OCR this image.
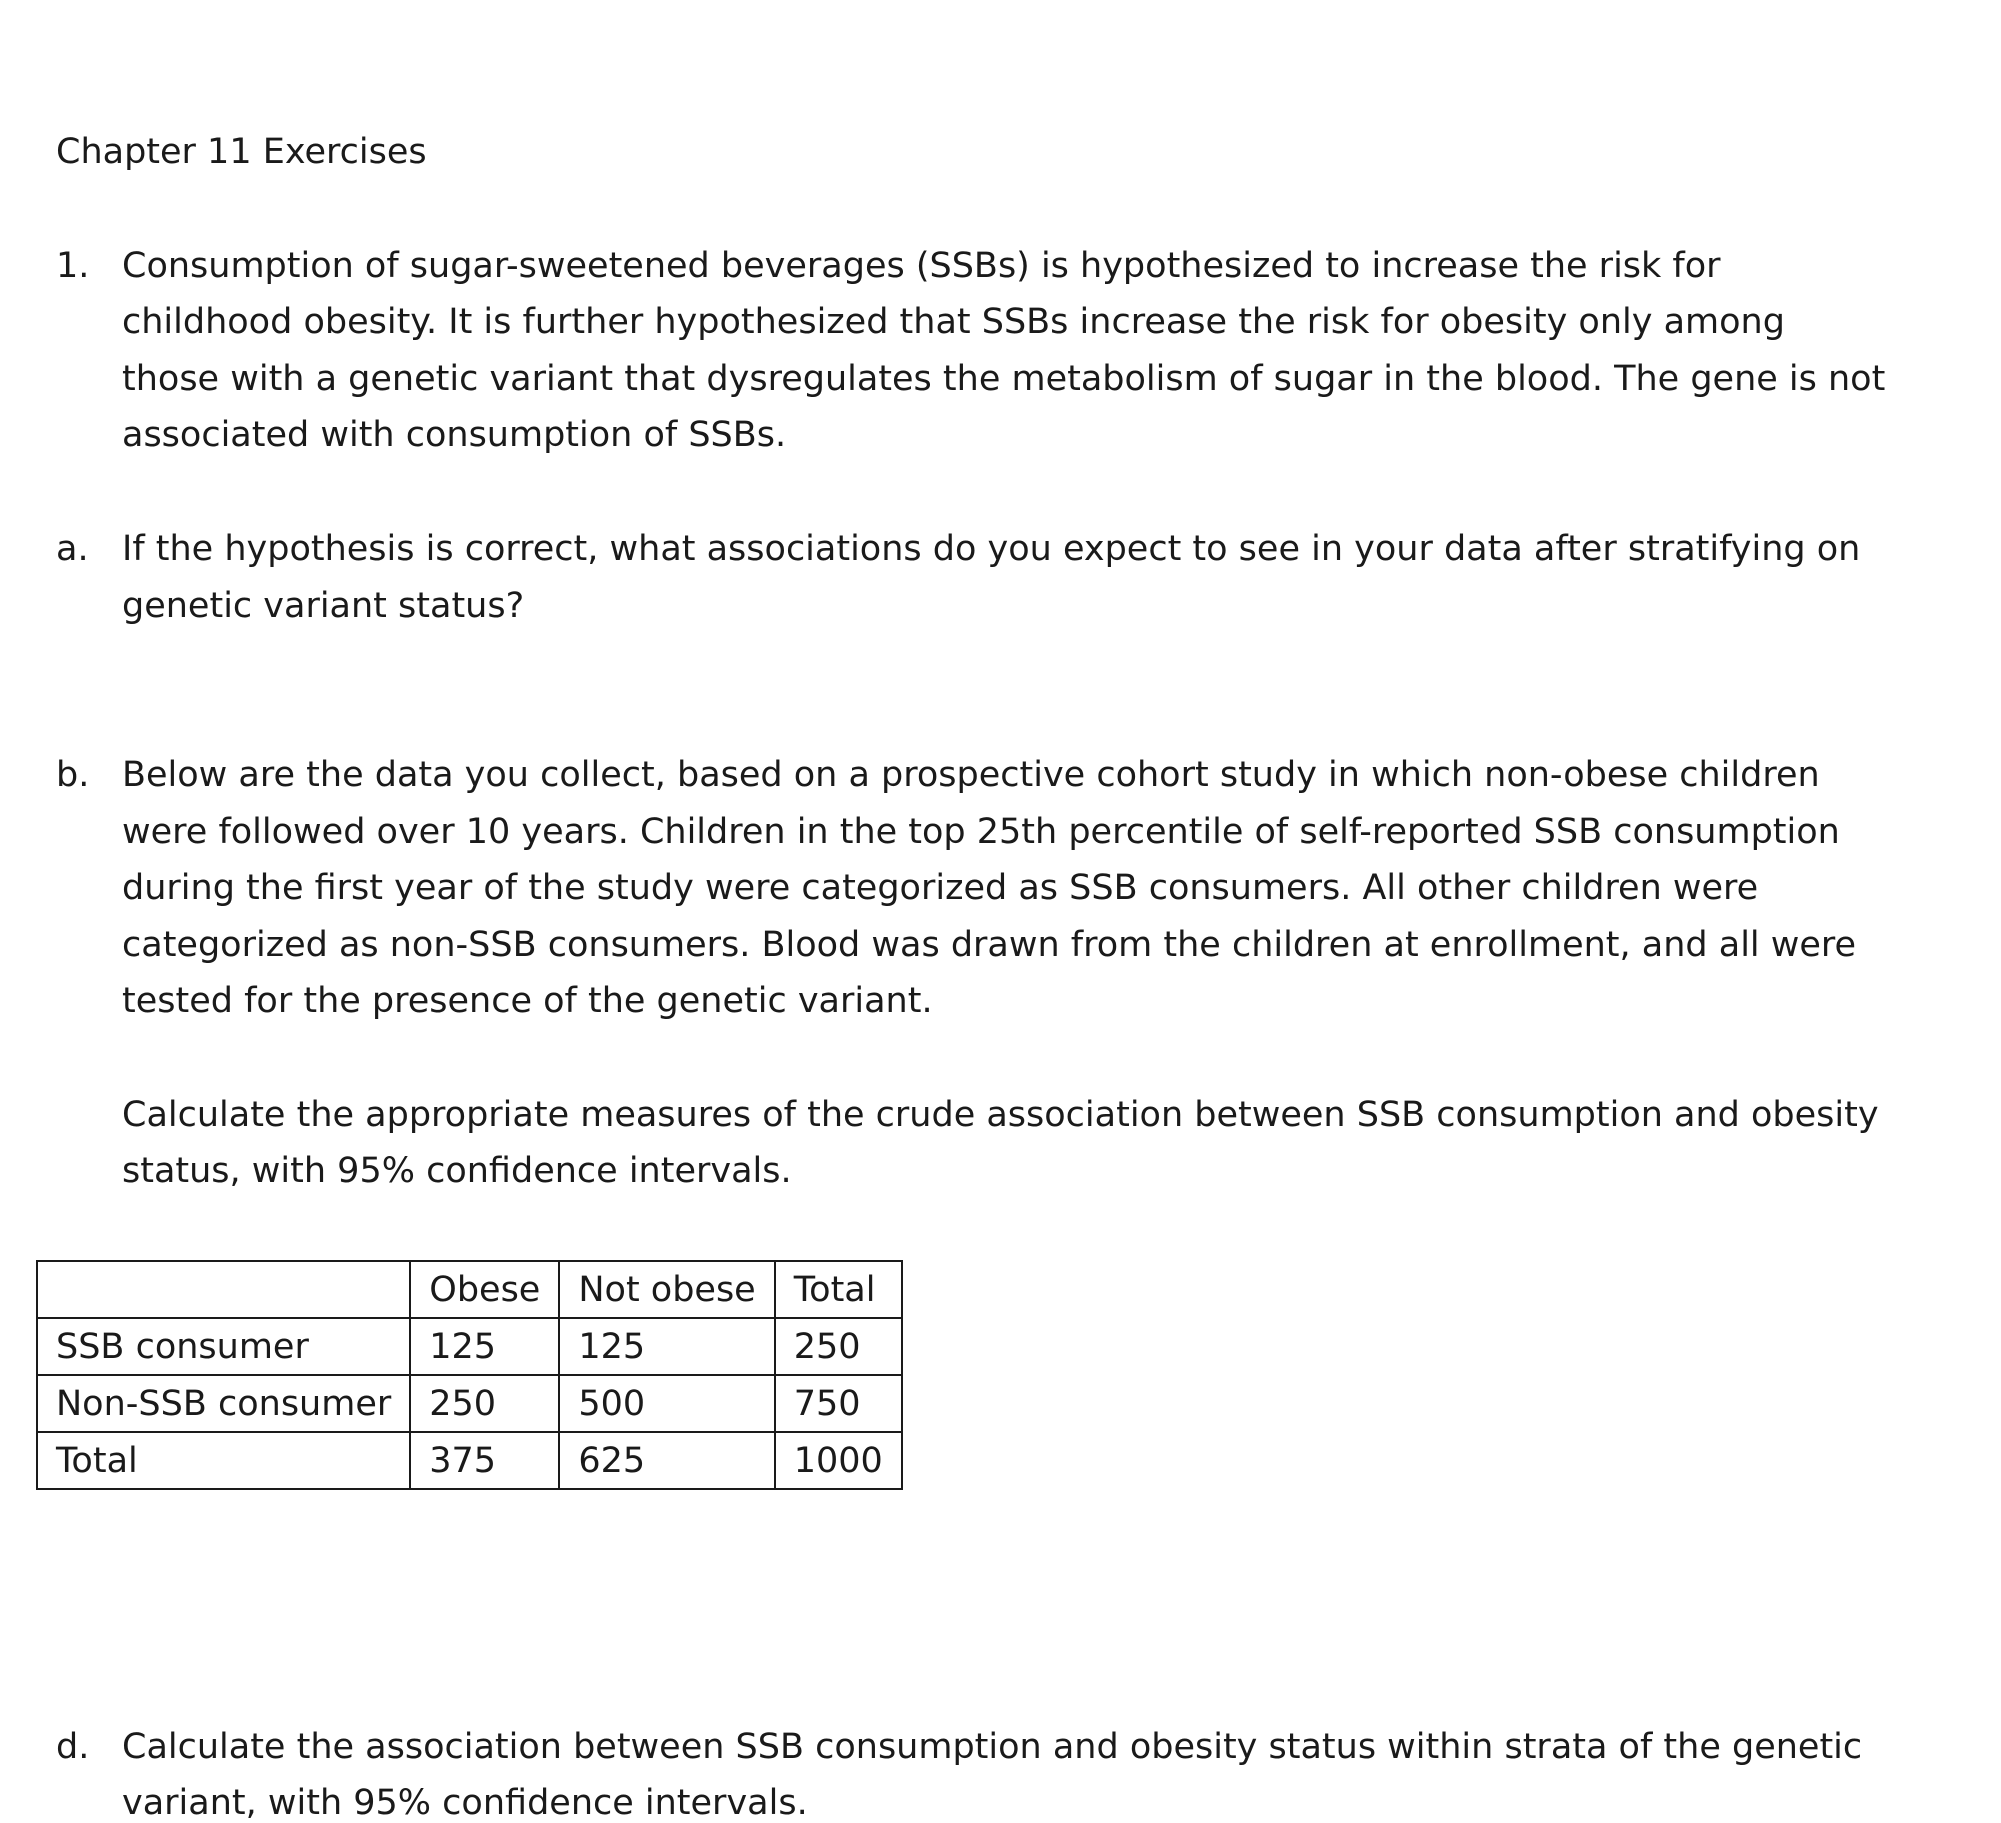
Chapter 11 Exercises
1. Consumption of sugar-sweetened beverages (SSBs) is hypothesized to increase the risk for
childhood obesity. It is further hypothesized that SSBs increase the risk for obesity only among
those with a genetic variant that dysregulates the metabolism of sugar in the blood. The gene is not
associated with consumption of SSBs.
a. If the hypothesis is correct, what associations do you expect to see in your data after stratifying on
genetic variant status?
b. Below are the data you collect, based on a prospective cohort study in which non-obese children
were followed over 10 years. Children in the top 25th percentile of self-reported SSB consumption
during the first year of the study were categorized as SSB consumers. All other children were
categorized as non-SSB consumers. Blood was drawn from the children at enrollment, and all were
tested for the presence of the genetic variant.
Calculate the appropriate measures of the crude association between SSB consumption and obesity
status, with 95% confidence intervals.
	Obese	Not obese	Total
SSB consumer	125	125	250
Non-SSB consumer	250	500	750
Total	375	625	1000
d. Calculate the association between SSB consumption and obesity status within strata of the genetic
variant, with 95% confidence intervals.
